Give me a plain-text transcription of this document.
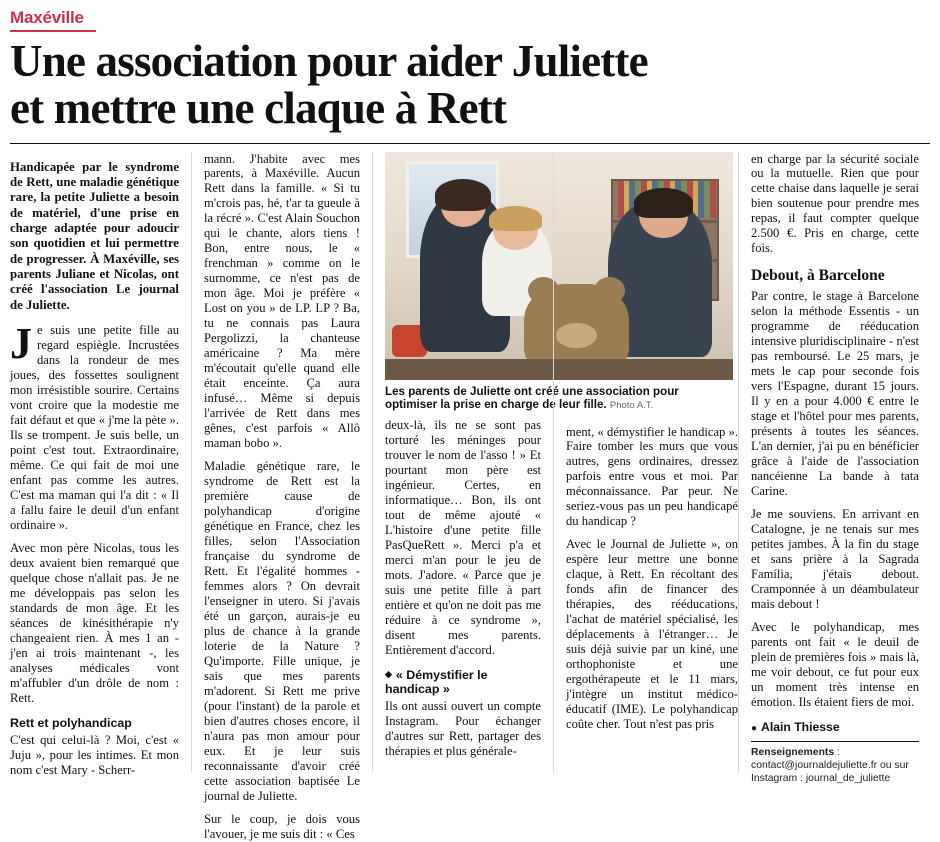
Maxéville
Une association pour aider Juliette
et mettre une claque à Rett

Handicapée par le syndrome de Rett, une maladie génétique rare, la petite Juliette a besoin de matériel, d'une prise en charge adaptée pour adoucir son quotidien et lui permettre de progresser. À Maxéville, ses parents Juliane et Nicolas, ont créé l'association Le journal de Juliette.

Je suis une petite fille au regard espiègle. Incrustées dans la rondeur de mes joues, des fossettes soulignent mon irrésistible sourire. Certains vont croire que la modestie me fait défaut et que « j'me la pète ». Ils se trompent. Je suis belle, un point c'est tout. Extraordinaire, même. Ce qui fait de moi une enfant pas comme les autres. C'est ma maman qui l'a dit : « Il a fallu faire le deuil d'un enfant ordinaire ».

Avec mon père Nicolas, tous les deux avaient bien remarqué que quelque chose n'allait pas. Je ne me développais pas selon les standards de mon âge. Et les séances de kinésithérapie n'y changeaient rien. À mes 1 an - j'en ai trois maintenant -, les analyses médicales vont m'affubler d'un drôle de nom : Rett.

Rett et polyhandicap

C'est qui celui-là ? Moi, c'est « Juju », pour les intimes. Et mon nom c'est Mary - Scherr-

mann. J'habite avec mes parents, à Maxéville. Aucun Rett dans la famille. « Si tu m'crois pas, hé, t'ar ta gueule à la récré ». C'est Alain Souchon qui le chante, alors tiens ! Bon, entre nous, le « frenchman » comme on le surnomme, ce n'est pas de mon âge. Moi je préfère « Lost on you » de LP. LP ? Ba, tu ne connais pas Laura Pergolizzi, la chanteuse américaine ? Ma mère m'écoutait qu'elle quand elle était enceinte. Ça aura infusé… Même si depuis l'arrivée de Rett dans mes gênes, c'est parfois « Allô maman bobo ».

Maladie génétique rare, le syndrome de Rett est la première cause de polyhandicap d'origine génétique en France, chez les filles, selon l'Association française du syndrome de Rett. Et l'égalité hommes - femmes alors ? On devrait l'enseigner in utero. Si j'avais été un garçon, aurais-je eu plus de chance à la grande loterie de la Nature ? Qu'importe. Fille unique, je sais que mes parents m'adorent. Si Rett me prive (pour l'instant) de la parole et bien d'autres choses encore, il n'aura pas mon amour pour eux. Et je leur suis reconnaissante d'avoir créé cette association baptisée Le journal de Juliette.

Sur le coup, je dois vous l'avouer, je me suis dit : « Ces

Les parents de Juliette ont créé une association pour optimiser la prise en charge de leur fille. Photo A.T.

deux-là, ils ne se sont pas torturé les méninges pour trouver le nom de l'asso ! » Et pourtant mon père est ingénieur. Certes, en informatique… Bon, ils ont tout de même ajouté « L'histoire d'une petite fille PasQueRett ». Merci p'a et merci m'an pour le jeu de mots. J'adore. « Parce que je suis une petite fille à part entière et qu'on ne doit pas me réduire à ce syndrome », disent mes parents. Entièrement d'accord.

◆ « Démystifier le handicap »

Ils ont aussi ouvert un compte Instagram. Pour échanger d'autres sur Rett, partager des thérapies et plus générale-

ment, « démystifier le handicap ». Faire tomber les murs que vous autres, gens ordinaires, dressez parfois entre vous et moi. Par méconnaissance. Par peur. Ne seriez-vous pas un peu handicapé du handicap ?

Avec le Journal de Juliette », on espère leur mettre une bonne claque, à Rett. En récoltant des fonds afin de financer des thérapies, des rééducations, l'achat de matériel spécialisé, les déplacements à l'étranger… Je suis déjà suivie par un kiné, une orthophoniste et une ergothérapeute et le 11 mars, j'intègre un institut médico-éducatif (IME). Le polyhandicap coûte cher. Tout n'est pas pris

en charge par la sécurité sociale ou la mutuelle. Rien que pour cette chaise dans laquelle je serai bien soutenue pour prendre mes repas, il faut compter quelque 2.500 €. Pris en charge, cette fois.

Debout, à Barcelone

Par contre, le stage à Barcelone selon la méthode Essentis - un programme de rééducation intensive pluridisciplinaire - n'est pas remboursé. Le 25 mars, je mets le cap pour seconde fois vers l'Espagne, durant 15 jours. Il y en a pour 4.000 € entre le stage et l'hôtel pour mes parents, présents à toutes les séances. L'an dernier, j'ai pu en bénéficier grâce à l'aide de l'association nancéienne La bande à tata Carine.

Je me souviens. En arrivant en Catalogne, je ne tenais sur mes petites jambes. À la fin du stage et sans prière à la Sagrada Família, j'étais debout. Cramponnée à un déambulateur mais debout !

Avec le polyhandicap, mes parents ont fait « le deuil de plein de premières fois » mais là, me voir debout, ce fut pour eux un moment très intense en émotion. Ils étaient fiers de moi.

● Alain Thiesse
Renseignements : contact@journaldejuliette.fr ou sur Instagram : journal_de_juliette
